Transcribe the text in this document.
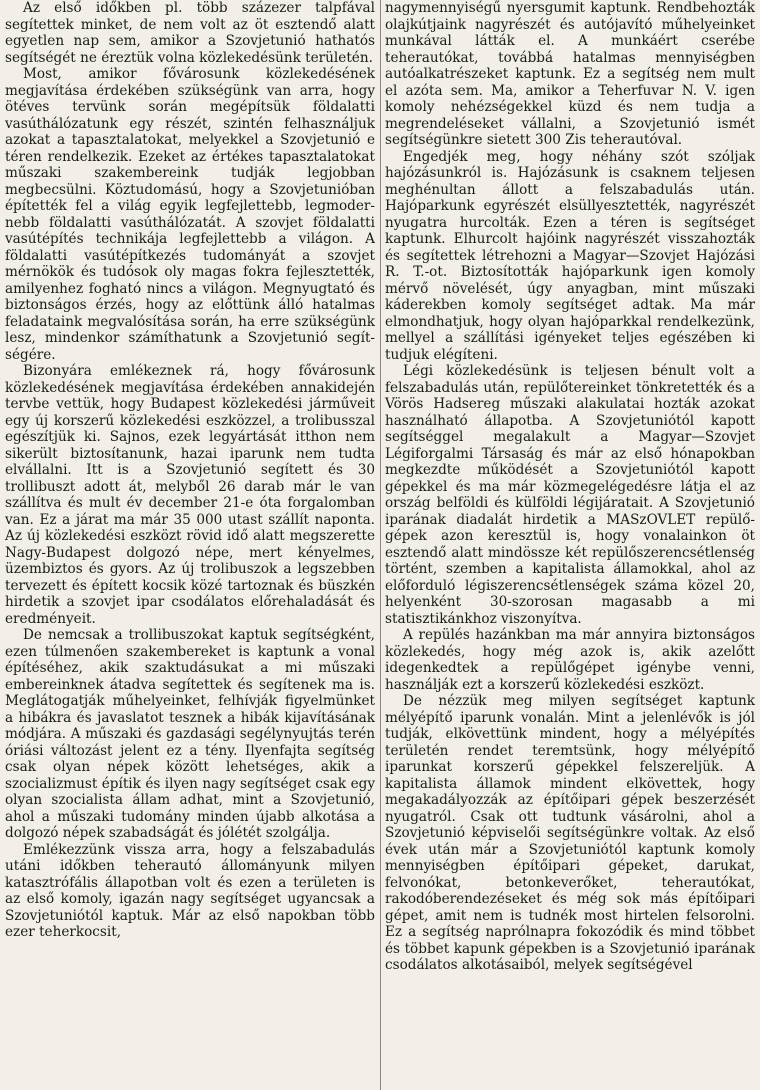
Az első időkben pl. több százezer talpfával segítettek minket, de nem volt az öt esztendő alatt egyetlen nap sem, amikor a Szovjetunió hathatós segítségét ne éreztük volna közlekedésünk területén.

Most, amikor fővárosunk közlekedésének megjavítása érdekében szükségünk van arra, hogy ötéves tervünk során megépítsük földalatti vasúthálózatunk egy részét, szintén felhasználjuk azokat a tapasztalatokat, melyekkel a Szovjetunió e téren rendelkezik. Ezeket az értékes tapasztalatokat műszaki szakembereink tudják legjobban megbecsülni. Köztudomású, hogy a Szovjetunióban építették fel a világ egyik legfejlettebb, legmodernebb földalatti vasúthálózatát. A szovjet földalatti vasútépítés technikája legfejlettebb a világon. A földalatti vasútépítkezés tudományát a szovjet mérnökök és tudósok oly magas fokra fejlesztették, amilyenhez fogható nincs a világon. Megnyugtató és biztonságos érzés, hogy az előttünk álló hatalmas feladataink megvalósítása során, ha erre szükségünk lesz, mindenkor számíthatunk a Szovjetunió segítségére.

Bizonyára emlékeznek rá, hogy fővárosunk közlekedésének megjavítása érdekében annakidején tervbe vettük, hogy Budapest közlekedési járműveit egy új korszerű közlekedési eszközzel, a trolibusszal egészítjük ki. Sajnos, ezek legyártását itthon nem sikerült biztosítanunk, hazai iparunk nem tudta elvállalni. Itt is a Szovjetunió segített és 30 trollibuszt adott át, melyből 26 darab már le van szállítva és mult év december 21-e óta forgalomban van. Ez a járat ma már 35 000 utast szállít naponta. Az új közlekedési eszközt rövid idő alatt megszerette Nagy-Budapest dolgozó népe, mert kényelmes, üzembiztos és gyors. Az új trolibuszok a legszebben tervezett és épített kocsik közé tartoznak és büszkén hirdetik a szovjet ipar csodálatos előrehaladását és eredményeit.

De nemcsak a trollibuszokat kaptuk segítségként, ezen túlmenően szakembereket is kaptunk a vonal építéséhez, akik szaktudásukat a mi műszaki embereinknek átadva segítettek és segítenek ma is. Meglátogatják műhelyeinket, felhívják figyelmünket a hibákra és javaslatot tesznek a hibák kijavításának módjára. A műszaki és gazdasági segélynyujtás terén óriási változást jelent ez a tény. Ilyenfajta segítség csak olyan népek között lehetséges, akik a szocializmust építik és ilyen nagy segítséget csak egy olyan szocialista állam adhat, mint a Szovjetunió, ahol a műszaki tudomány minden újabb alkotása a dolgozó népek szabadságát és jólétét szolgálja.

Emlékezzünk vissza arra, hogy a felszabadulás utáni időkben teherautó állományunk milyen katasztrófális állapotban volt és ezen a területen is az első komoly, igazán nagy segítséget ugyancsak a Szovjetuniótól kaptuk. Már az első napokban több ezer teherkocsit,

nagymennyiségű nyersgumit kaptunk. Rendbehozták olajkútjaink nagyrészét és autójavító műhelyeinket munkával látták el. A munkáért cserébe teherautókat, továbbá hatalmas mennyiségben autóalkatrészeket kaptunk. Ez a segítség nem mult el azóta sem. Ma, amikor a Teherfuvar N. V. igen komoly nehézségekkel küzd és nem tudja a megrendeléseket vállalni, a Szovjetunió ismét segítségünkre sietett 300 Zis teherautóval.

Engedjék meg, hogy néhány szót szóljak hajózásunkról is. Hajózásunk is csaknem teljesen meghénultan állott a felszabadulás után. Hajóparkunk egyrészét elsüllyesztették, nagyrészét nyugatra hurcolták. Ezen a téren is segítséget kaptunk. Elhurcolt hajóink nagyrészét visszahozták és segítettek létrehozni a Magyar—Szovjet Hajózási R. T.-ot. Biztosították hajóparkunk igen komoly mérvő növelését, úgy anyagban, mint műszaki káderekben komoly segítséget adtak. Ma már elmondhatjuk, hogy olyan hajóparkkal rendelkezünk, mellyel a szállítási igényeket teljes egészében ki tudjuk elégíteni.

Légi közlekedésünk is teljesen bénult volt a felszabadulás után, repülőtereinket tönkretették és a Vörös Hadsereg műszaki alakulatai hozták azokat használható állapotba. A Szovjetuniótól kapott segítséggel megalakult a Magyar—Szovjet Légiforgalmi Társaság és már az első hónapokban megkezdte működését a Szovjetuniótól kapott gépekkel és ma már közmegelégedésre látja el az ország belföldi és külföldi légijáratait. A Szovjetunió iparának diadalát hirdetik a MASzOVLET repülőgépek azon keresztül is, hogy vonalainkon öt esztendő alatt mindössze két repülőszerencsétlenség történt, szemben a kapitalista államokkal, ahol az előforduló légiszerencsétlenségek száma közel 20, helyenként 30-szorosan magasabb a mi statisztikánkhoz viszonyítva.

A repülés hazánkban ma már annyira biztonságos közlekedés, hogy még azok is, akik azelőtt idegenkedtek a repülőgépet igénybe venni, használják ezt a korszerű közlekedési eszközt.

De nézzük meg milyen segítséget kaptunk mélyépítő iparunk vonalán. Mint a jelenlévők is jól tudják, elkövettünk mindent, hogy a mélyépítés területén rendet teremtsünk, hogy mélyépítő iparunkat korszerű gépekkel felszereljük. A kapitalista államok mindent elkövettek, hogy megakadályozzák az építőipari gépek beszerzését nyugatról. Csak ott tudtunk vásárolni, ahol a Szovjetunió képviselői segítségünkre voltak. Az első évek után már a Szovjetuniótól kaptunk komoly mennyiségben építőipari gépeket, darukat, felvonókat, betonkeverőket, teherautókat, rakodóberendezéseket és még sok más építőipari gépet, amit nem is tudnék most hirtelen felsorolni. Ez a segítség naprólnapra fokozódik és mind többet és többet kapunk gépekben is a Szovjetunió iparának csodálatos alkotásaiból, melyek segítségével
